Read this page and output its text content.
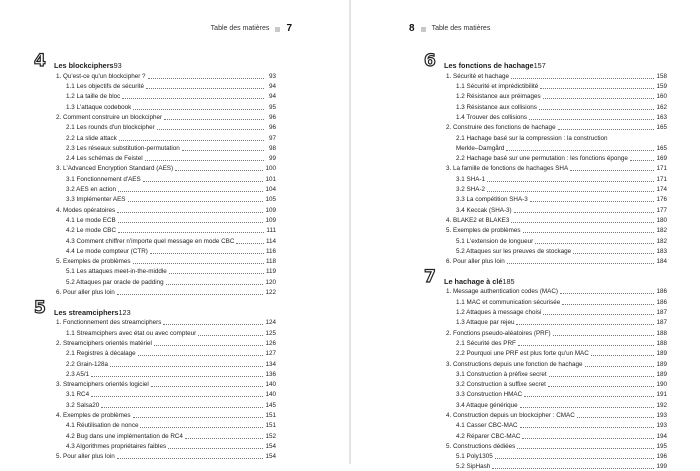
Table des matières 7	8 Table des matières
4 Les blockciphers 93
1. Qu'est-ce qu'un blockcipher ?	93
1.1 Les objectifs de sécurité	94
1.2 La taille de bloc	94
1.3 L'attaque codebook	95
2. Comment construire un blockcipher	96
2.1 Les rounds d'un blockcipher	96
2.2 La slide attack	97
2.3 Les réseaux substitution-permutation	98
2.4 Les schémas de Feistel	99
3. L'Advanced Encryption Standard (AES)	100
3.1 Fonctionnement d'AES	101
3.2 AES en action	104
3.3 Implémenter AES	105
4. Modes opératoires	109
4.1 Le mode ECB	109
4.2 Le mode CBC	111
4.3 Comment chiffrer n'importe quel message en mode CBC	114
4.4 Le mode compteur (CTR)	116
5. Exemples de problèmes	118
5.1 Les attaques meet-in-the-middle	119
5.2 Attaques par oracle de padding	120
6. Pour aller plus loin	122
5 Les streamciphers 123
1. Fonctionnement des streamciphers	124
1.1 Streamciphers avec état ou avec compteur	125
2. Streamciphers orientés matériel	126
2.1 Registres à décalage	127
2.2 Grain-128a	134
2.3 A5/1	136
3. Streamciphers orientés logiciel	140
3.1 RC4	140
3.2 Salsa20	145
4. Exemples de problèmes	151
4.1 Réutilisation de nonce	151
4.2 Bug dans une implémentation de RC4	152
4.3 Algorithmes propriétaires faibles	154
5. Pour aller plus loin	154
6 Les fonctions de hachage 157
1. Sécurité et hachage	158
1.1 Sécurité et imprédictibilité	159
1.2 Résistance aux préimages	160
1.3 Résistance aux collisions	162
1.4 Trouver des collisions	163
2. Construire des fonctions de hachage	165
2.1 Hachage basé sur la compression : la construction
Merkle–Damgård	165
2.2 Hachage basé sur une permutation : les fonctions éponge	169
3. La famille de fonctions de hachages SHA	171
3.1 SHA-1	171
3.2 SHA-2	174
3.3 La compétition SHA-3	176
3.4 Keccak (SHA-3)	177
4. BLAKE2 et BLAKE3	180
5. Exemples de problèmes	182
5.1 L'extension de longueur	182
5.2 Attaques sur les preuves de stockage	183
6. Pour aller plus loin	184
7 Le hachage à clé 185
1. Message authentication codes (MAC)	186
1.1 MAC et communication sécurisée	186
1.2 Attaques à message choisi	187
1.3 Attaque par rejeu	187
2. Fonctions pseudo-aléatoires (PRF)	188
2.1 Sécurité des PRF	188
2.2 Pourquoi une PRF est plus forte qu'un MAC	189
3. Constructions depuis une fonction de hachage	189
3.1 Construction à préfixe secret	189
3.2 Construction à suffixe secret	190
3.3 Construction HMAC	191
3.4 Attaque générique	192
4. Construction depuis un blockcipher : CMAC	193
4.1 Casser CBC-MAC	193
4.2 Réparer CBC-MAC	194
5. Constructions dédiées	195
5.1 Poly1305	196
5.2 SipHash	199
